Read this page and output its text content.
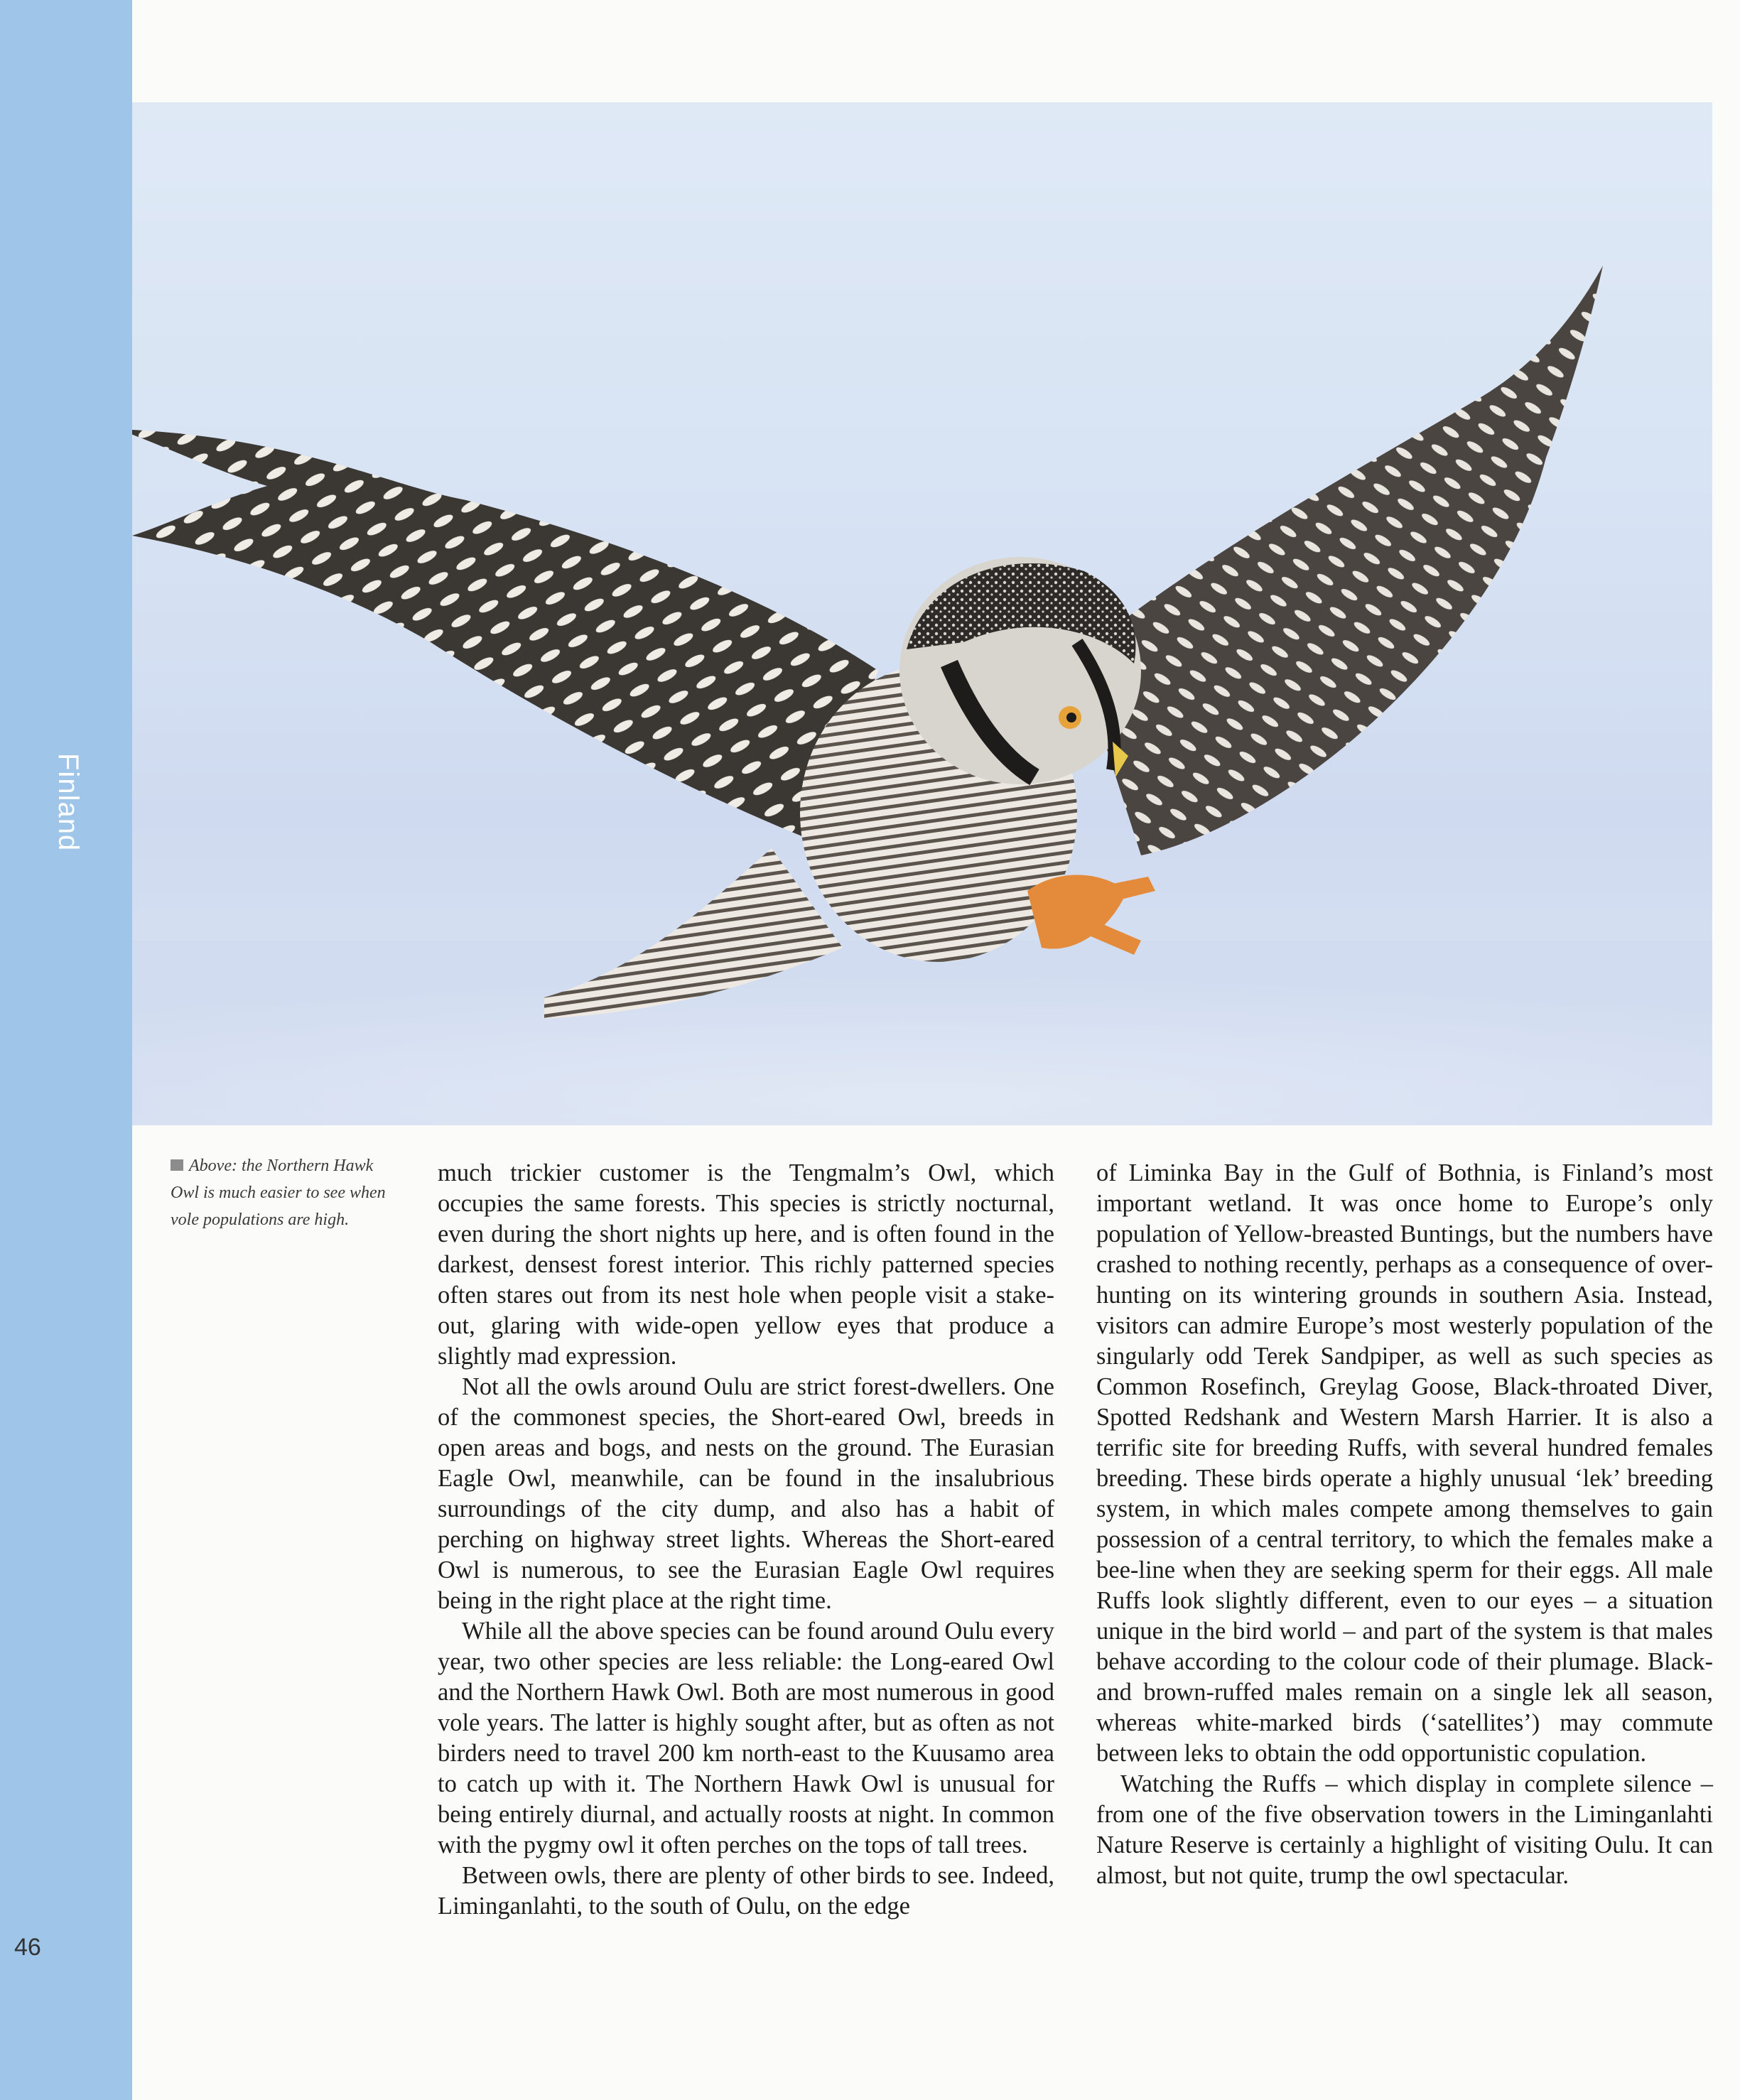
Finland
46
Above: the Northern Hawk Owl is much easier to see when vole populations are high.

much trickier customer is the Tengmalm’s Owl, which occupies the same forests. This species is strictly nocturnal, even during the short nights up here, and is often found in the darkest, densest forest interior. This richly patterned species often stares out from its nest hole when people visit a stake-out, glaring with wide-open yellow eyes that produce a slightly mad expression.

Not all the owls around Oulu are strict forest-dwellers. One of the commonest species, the Short-eared Owl, breeds in open areas and bogs, and nests on the ground. The Eurasian Eagle Owl, meanwhile, can be found in the insalubrious surroundings of the city dump, and also has a habit of perching on highway street lights. Whereas the Short-eared Owl is numerous, to see the Eurasian Eagle Owl requires being in the right place at the right time.

While all the above species can be found around Oulu every year, two other species are less reliable: the Long-eared Owl and the Northern Hawk Owl. Both are most numerous in good vole years. The latter is highly sought after, but as often as not birders need to travel 200 km north-east to the Kuusamo area to catch up with it. The Northern Hawk Owl is unusual for being entirely diurnal, and actually roosts at night. In common with the pygmy owl it often perches on the tops of tall trees.

Between owls, there are plenty of other birds to see. Indeed, Liminganlahti, to the south of Oulu, on the edge

of Liminka Bay in the Gulf of Bothnia, is Finland’s most important wetland. It was once home to Europe’s only population of Yellow-breasted Buntings, but the numbers have crashed to nothing recently, perhaps as a consequence of over-hunting on its wintering grounds in southern Asia. Instead, visitors can admire Europe’s most westerly population of the singularly odd Terek Sandpiper, as well as such species as Common Rosefinch, Greylag Goose, Black-throated Diver, Spotted Redshank and Western Marsh Harrier. It is also a terrific site for breeding Ruffs, with several hundred females breeding. These birds operate a highly unusual ‘lek’ breeding system, in which males compete among themselves to gain possession of a central territory, to which the females make a bee-line when they are seeking sperm for their eggs. All male Ruffs look slightly different, even to our eyes – a situation unique in the bird world – and part of the system is that males behave according to the colour code of their plumage. Black- and brown-ruffed males remain on a single lek all season, whereas white-marked birds (‘satellites’) may commute between leks to obtain the odd opportunistic copulation.

Watching the Ruffs – which display in complete silence – from one of the five observation towers in the Liminganlahti Nature Reserve is certainly a highlight of visiting Oulu. It can almost, but not quite, trump the owl spectacular.
